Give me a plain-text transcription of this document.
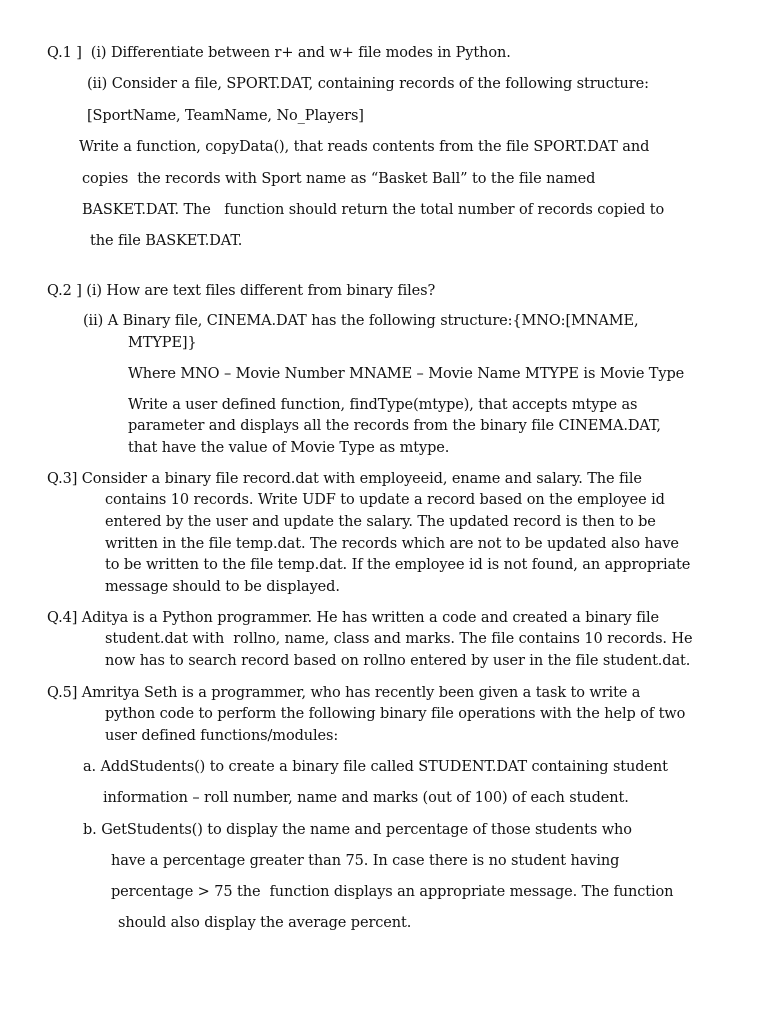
Q.1 ]  (i) Differentiate between r+ and w+ file modes in Python.
(ii) Consider a file, SPORT.DAT, containing records of the following structure:
[SportName, TeamName, No_Players]
Write a function, copyData(), that reads contents from the file SPORT.DAT and
copies  the records with Sport name as “Basket Ball” to the file named
BASKET.DAT. The   function should return the total number of records copied to
the file BASKET.DAT.
Q.2 ] (i) How are text files different from binary files?
(ii) A Binary file, CINEMA.DAT has the following structure:{MNO:[MNAME,
MTYPE]}
Where MNO – Movie Number MNAME – Movie Name MTYPE is Movie Type
Write a user defined function, findType(mtype), that accepts mtype as
parameter and displays all the records from the binary file CINEMA.DAT,
that have the value of Movie Type as mtype.
Q.3] Consider a binary file record.dat with employeeid, ename and salary. The file
contains 10 records. Write UDF to update a record based on the employee id
entered by the user and update the salary. The updated record is then to be
written in the file temp.dat. The records which are not to be updated also have
to be written to the file temp.dat. If the employee id is not found, an appropriate
message should to be displayed.
Q.4] Aditya is a Python programmer. He has written a code and created a binary file
student.dat with  rollno, name, class and marks. The file contains 10 records. He
now has to search record based on rollno entered by user in the file student.dat.
Q.5] Amritya Seth is a programmer, who has recently been given a task to write a
python code to perform the following binary file operations with the help of two
user defined functions/modules:
a. AddStudents() to create a binary file called STUDENT.DAT containing student
information – roll number, name and marks (out of 100) of each student.
b. GetStudents() to display the name and percentage of those students who
have a percentage greater than 75. In case there is no student having
percentage > 75 the  function displays an appropriate message. The function
should also display the average percent.
